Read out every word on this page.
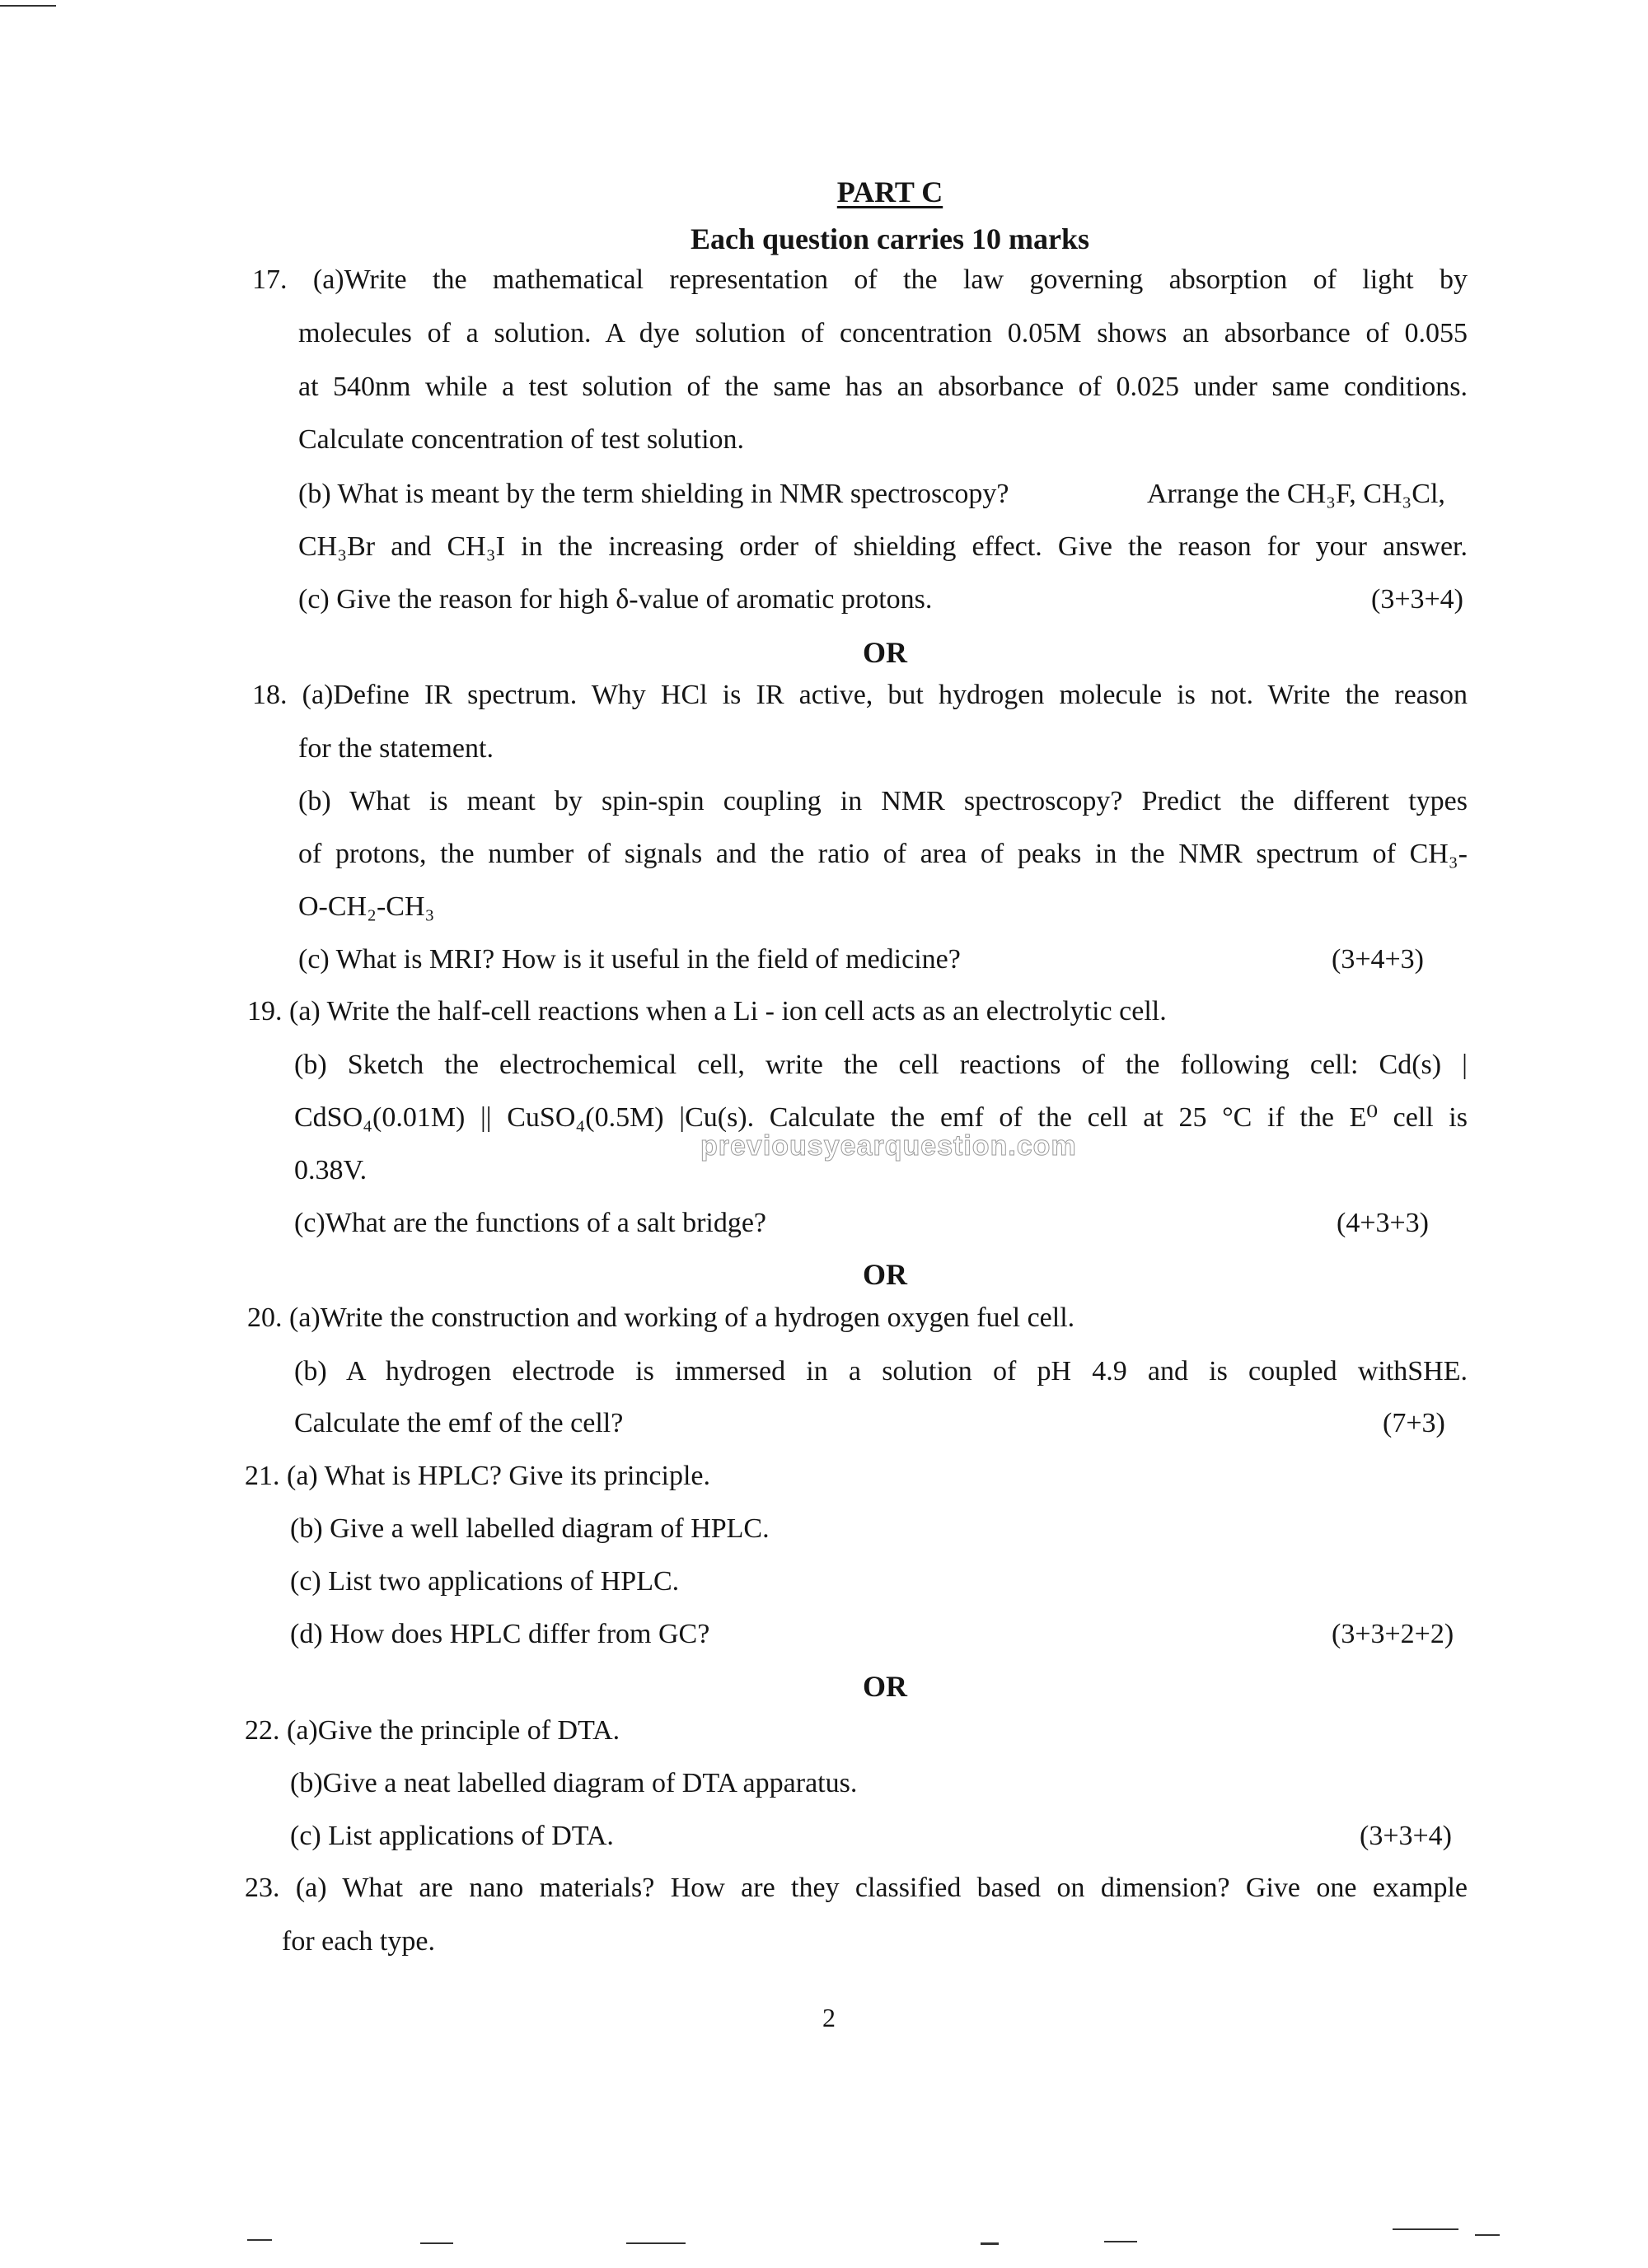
PART C
Each question carries 10 marks
17. (a)Write the mathematical representation of the law governing absorption of light by
molecules of a solution. A dye solution of concentration 0.05M shows an absorbance of 0.055
at 540nm while a test solution of the same has an absorbance of 0.025 under same conditions.
Calculate concentration of test solution.
(b) What is meant by the term shielding in NMR spectroscopy?	Arrange the CH₃F, CH₃Cl,
CH₃Br and CH₃I in the increasing order of shielding effect. Give the reason for your answer.
(c) Give the reason for high δ-value of aromatic protons.	(3+3+4)
OR
18. (a)Define IR spectrum. Why HCl is IR active, but hydrogen molecule is not. Write the reason
for the statement.
(b) What is meant by spin-spin coupling in NMR spectroscopy? Predict the different types
of protons, the number of signals and the ratio of area of peaks in the NMR spectrum of CH₃-
O-CH₂-CH₃
(c) What is MRI? How is it useful in the field of medicine?	(3+4+3)
19. (a) Write the half-cell reactions when a Li - ion cell acts as an electrolytic cell.
(b) Sketch the electrochemical cell, write the cell reactions of the following cell: Cd(s) |
CdSO₄(0.01M) || CuSO₄(0.5M) |Cu(s). Calculate the emf of the cell at 25 °C if the E⁰ cell is
0.38V.
(c)What are the functions of a salt bridge?	(4+3+3)
OR
20. (a)Write the construction and working of a hydrogen oxygen fuel cell.
(b) A hydrogen electrode is immersed in a solution of pH 4.9 and is coupled withSHE.
Calculate the emf of the cell?	(7+3)
21. (a) What is HPLC? Give its principle.
(b) Give a well labelled diagram of HPLC.
(c) List two applications of HPLC.
(d) How does HPLC differ from GC?	(3+3+2+2)
OR
22. (a)Give the principle of DTA.
(b)Give a neat labelled diagram of DTA apparatus.
(c) List applications of DTA.	(3+3+4)
23. (a) What are nano materials? How are they classified based on dimension? Give one example
for each type.
previousyearquestion.com
2
